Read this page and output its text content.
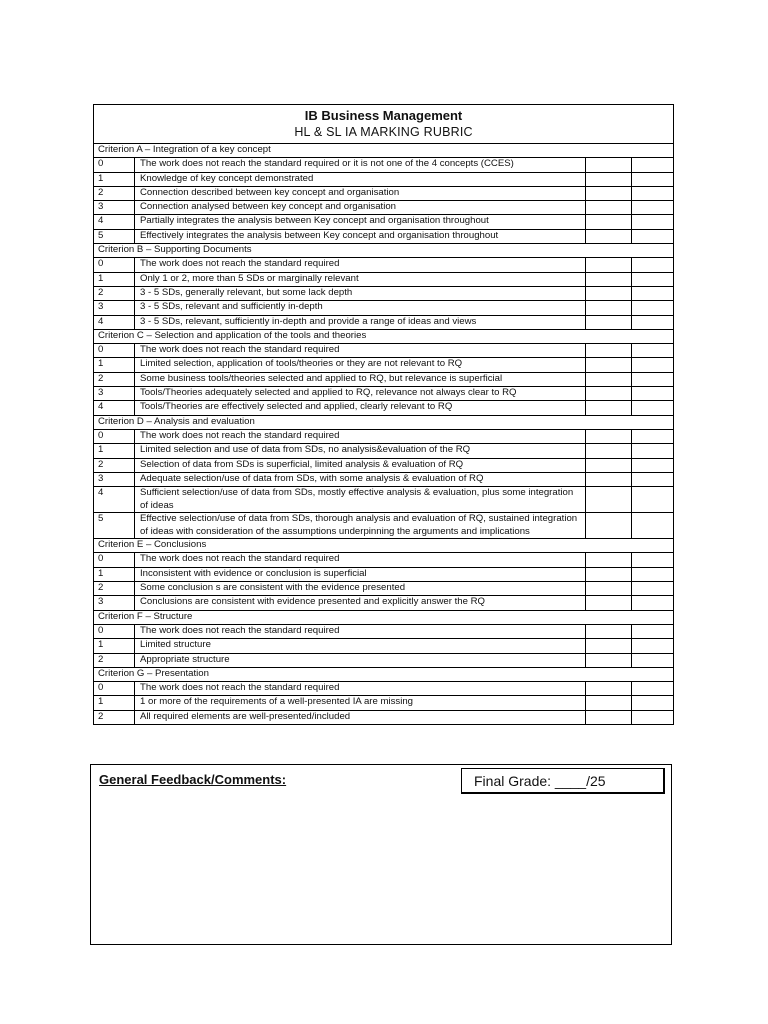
IB Business Management
HL & SL IA MARKING RUBRIC			

Criterion A – Integration of a key concept			
0	The work does not reach the standard required or it is not one of the 4 concepts (CCES)		
1	Knowledge of key concept demonstrated		
2	Connection described between key concept and organisation		
3	Connection analysed between key concept and organisation		
4	Partially integrates the analysis between Key concept and organisation throughout		
5	Effectively integrates the analysis between Key concept and organisation throughout		
Criterion B – Supporting Documents			
0	The work does not reach the standard required		
1	Only 1 or 2, more than 5 SDs or marginally relevant		
2	3 - 5 SDs, generally relevant, but some lack depth		
3	3 - 5 SDs, relevant and sufficiently in-depth		
4	3 - 5 SDs, relevant, sufficiently in-depth and provide a range of ideas and views		
Criterion C – Selection and application of the tools and theories			
0	The work does not reach the standard required		
1	Limited selection, application of tools/theories or they are not relevant to RQ		
2	Some business tools/theories selected and applied to RQ, but relevance is superficial		
3	Tools/Theories adequately selected and applied to RQ, relevance not always clear to RQ		
4	Tools/Theories are effectively selected and applied, clearly relevant to RQ		
Criterion D – Analysis and evaluation			
0	The work does not reach the standard required		
1	Limited selection and use of data from SDs, no analysis&evaluation of the RQ		
2	Selection of data from SDs is superficial, limited analysis & evaluation of RQ		
3	Adequate selection/use of data from SDs, with some analysis & evaluation of RQ		
4	Sufficient selection/use of data from SDs, mostly effective analysis & evaluation, plus some integration of ideas		
5	Effective selection/use of data from SDs, thorough analysis and evaluation of RQ, sustained integration of ideas with consideration of the assumptions underpinning the arguments and implications		
Criterion E – Conclusions			
0	The work does not reach the standard required		
1	Inconsistent with evidence or conclusion is superficial		
2	Some conclusion s are consistent with the evidence presented		
3	Conclusions are consistent with evidence presented and explicitly answer the RQ		
Criterion F – Structure			
0	The work does not reach the standard required		
1	Limited structure		
2	Appropriate structure		
Criterion G – Presentation			
0	The work does not reach the standard required		
1	1 or more of the requirements of a well-presented IA are missing		
2	All required elements are well-presented/included		
General Feedback/Comments:	Final Grade: ____/25
